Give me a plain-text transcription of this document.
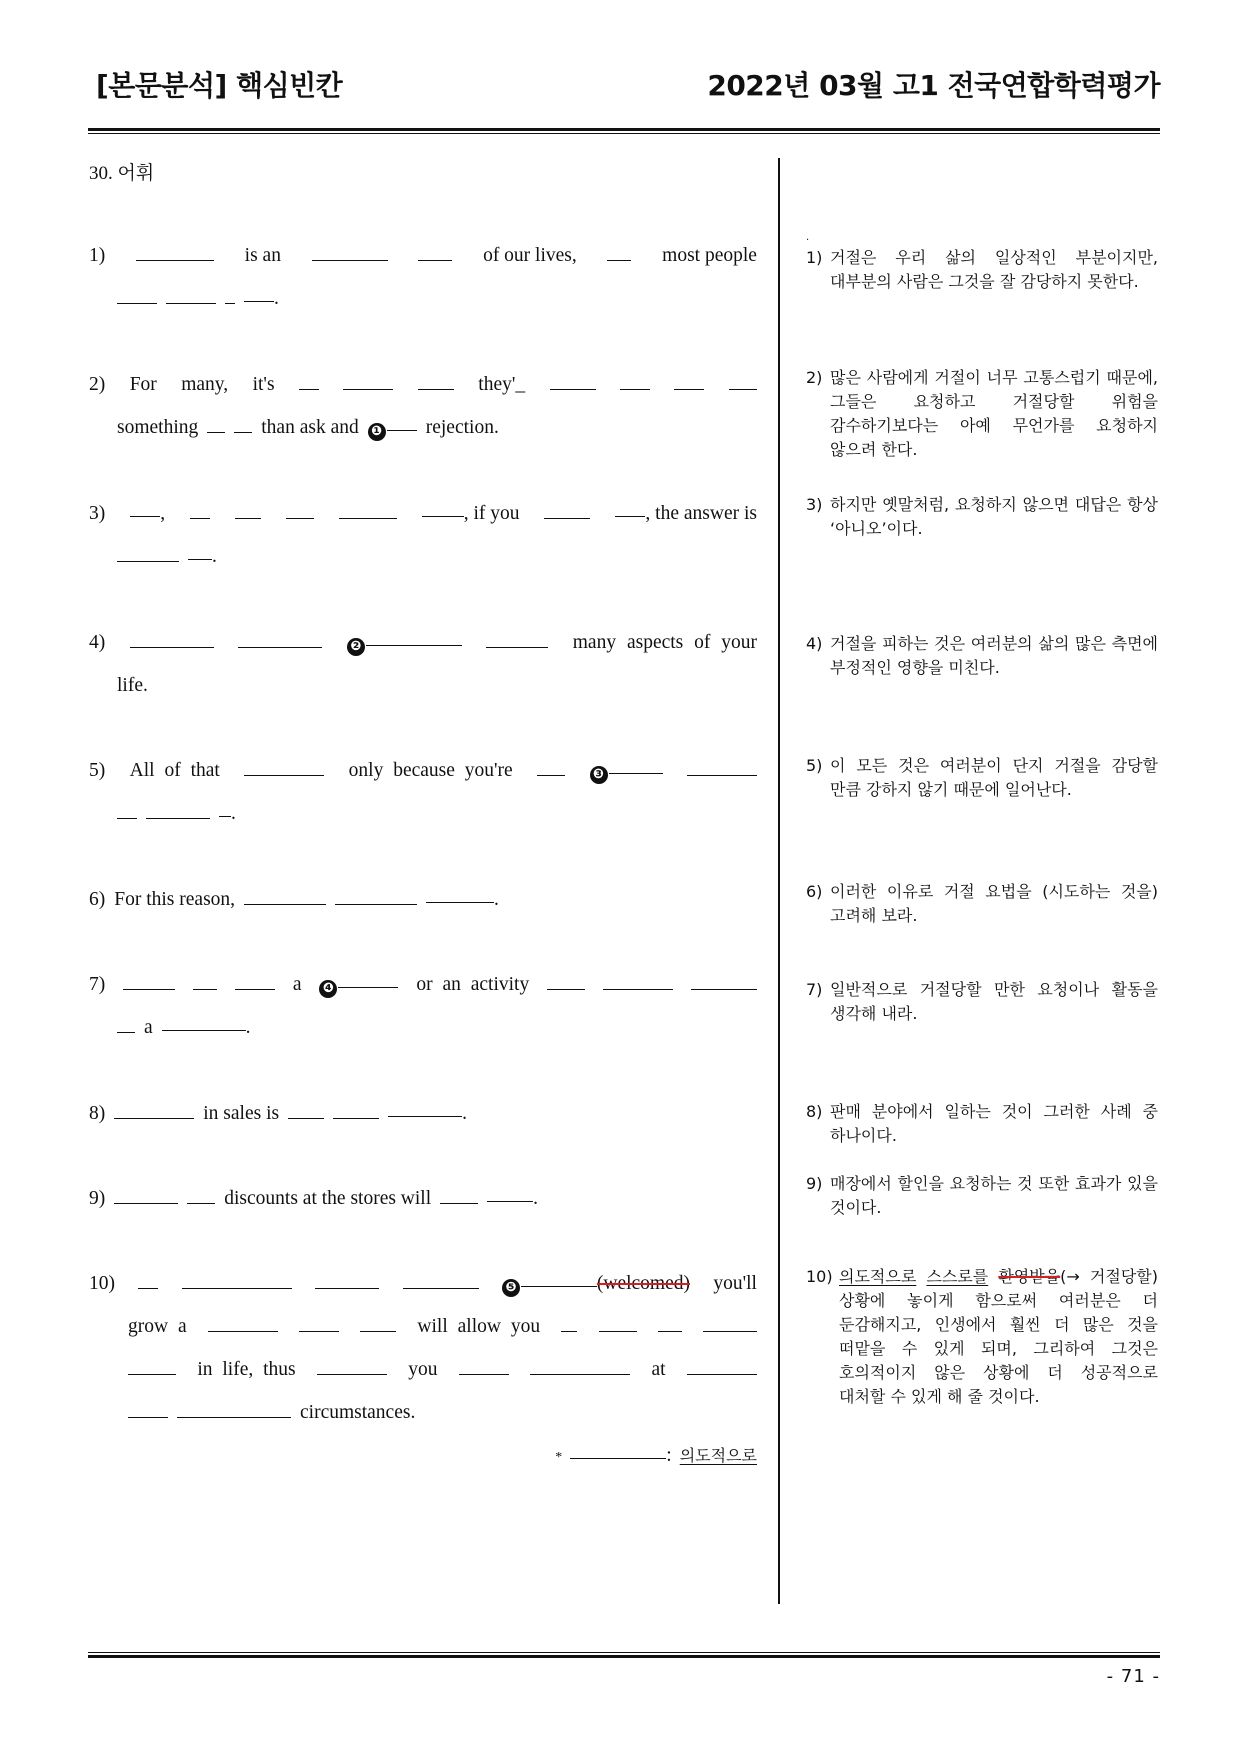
[본문분석] 핵심빈칸	2022년 03월 고1 전국연합학력평가
30. 어휘
1)	is an	of our lives,	most people
.
2) For many, it's	they'_
something	than ask and ❶	rejection.
3)	,	, if you	, the answer is
.
4)	❷	many aspects of your
life.
5) All of that	only because you're	❸
.
6) For this reason,	.
7)	a ❹	or an activity
a	.
8)	in sales is	.
9)	discounts at the stores will	.
10)	❺	(welcomed) you'll
grow a	will allow you
in life, thus	you	at
circumstances.
*	: 의도적으로
.
1) 거절은 우리 삶의 일상적인 부분이지만, 대부분의 사람은 그것을 잘 감당하지 못한다.
2) 많은 사람에게 거절이 너무 고통스럽기 때문에, 그들은 요청하고 거절당할 위험을 감수하기보다는 아예 무언가를 요청하지 않으려 한다.
3) 하지만 옛말처럼, 요청하지 않으면 대답은 항상 ‘아니오’이다.
4) 거절을 피하는 것은 여러분의 삶의 많은 측면에 부정적인 영향을 미친다.
5) 이 모든 것은 여러분이 단지 거절을 감당할 만큼 강하지 않기 때문에 일어난다.
6) 이러한 이유로 거절 요법을 (시도하는 것을) 고려해 보라.
7) 일반적으로 거절당할 만한 요청이나 활동을 생각해 내라.
8) 판매 분야에서 일하는 것이 그러한 사례 중 하나이다.
9) 매장에서 할인을 요청하는 것 또한 효과가 있을 것이다.
10) 의도적으로 스스로를 환영받을(→ 거절당할) 상황에 놓이게 함으로써 여러분은 더 둔감해지고, 인생에서 훨씬 더 많은 것을 떠맡을 수 있게 되며, 그리하여 그것은 호의적이지 않은 상황에 더 성공적으로 대처할 수 있게 해 줄 것이다.
- 71 -
